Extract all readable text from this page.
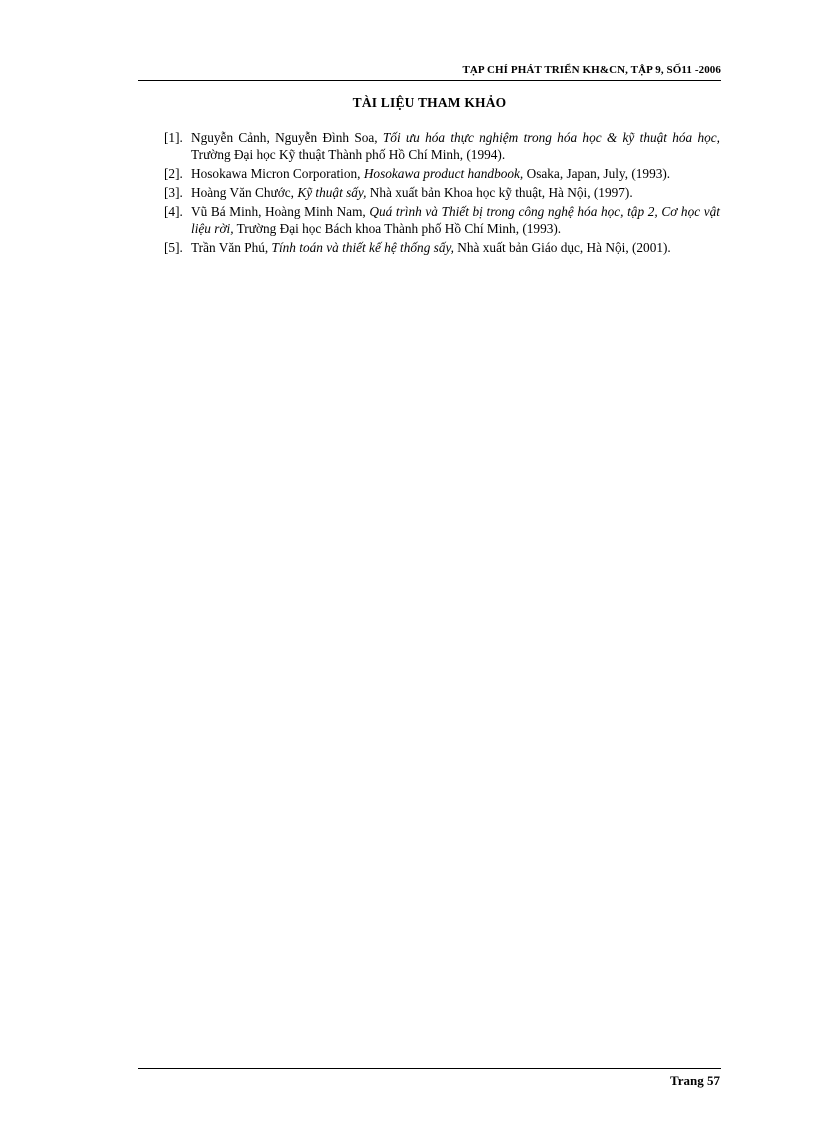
TẠP CHÍ PHÁT TRIỂN KH&CN, TẬP 9, SỐ11 -2006
TÀI LIỆU THAM KHẢO
[1]. Nguyễn Cảnh, Nguyễn Đình Soa, Tối ưu hóa thực nghiệm trong hóa học & kỹ thuật hóa học, Trường Đại học Kỹ thuật Thành phố Hồ Chí Minh, (1994).
[2]. Hosokawa Micron Corporation, Hosokawa product handbook, Osaka, Japan, July, (1993).
[3]. Hoàng Văn Chước, Kỹ thuật sấy, Nhà xuất bản Khoa học kỹ thuật, Hà Nội, (1997).
[4]. Vũ Bá Minh, Hoàng Minh Nam, Quá trình và Thiết bị trong công nghệ hóa học, tập 2, Cơ học vật liệu rời, Trường Đại học Bách khoa Thành phố Hồ Chí Minh, (1993).
[5]. Trần Văn Phú, Tính toán và thiết kế hệ thống sấy, Nhà xuất bản Giáo dục, Hà Nội, (2001).
Trang 57
